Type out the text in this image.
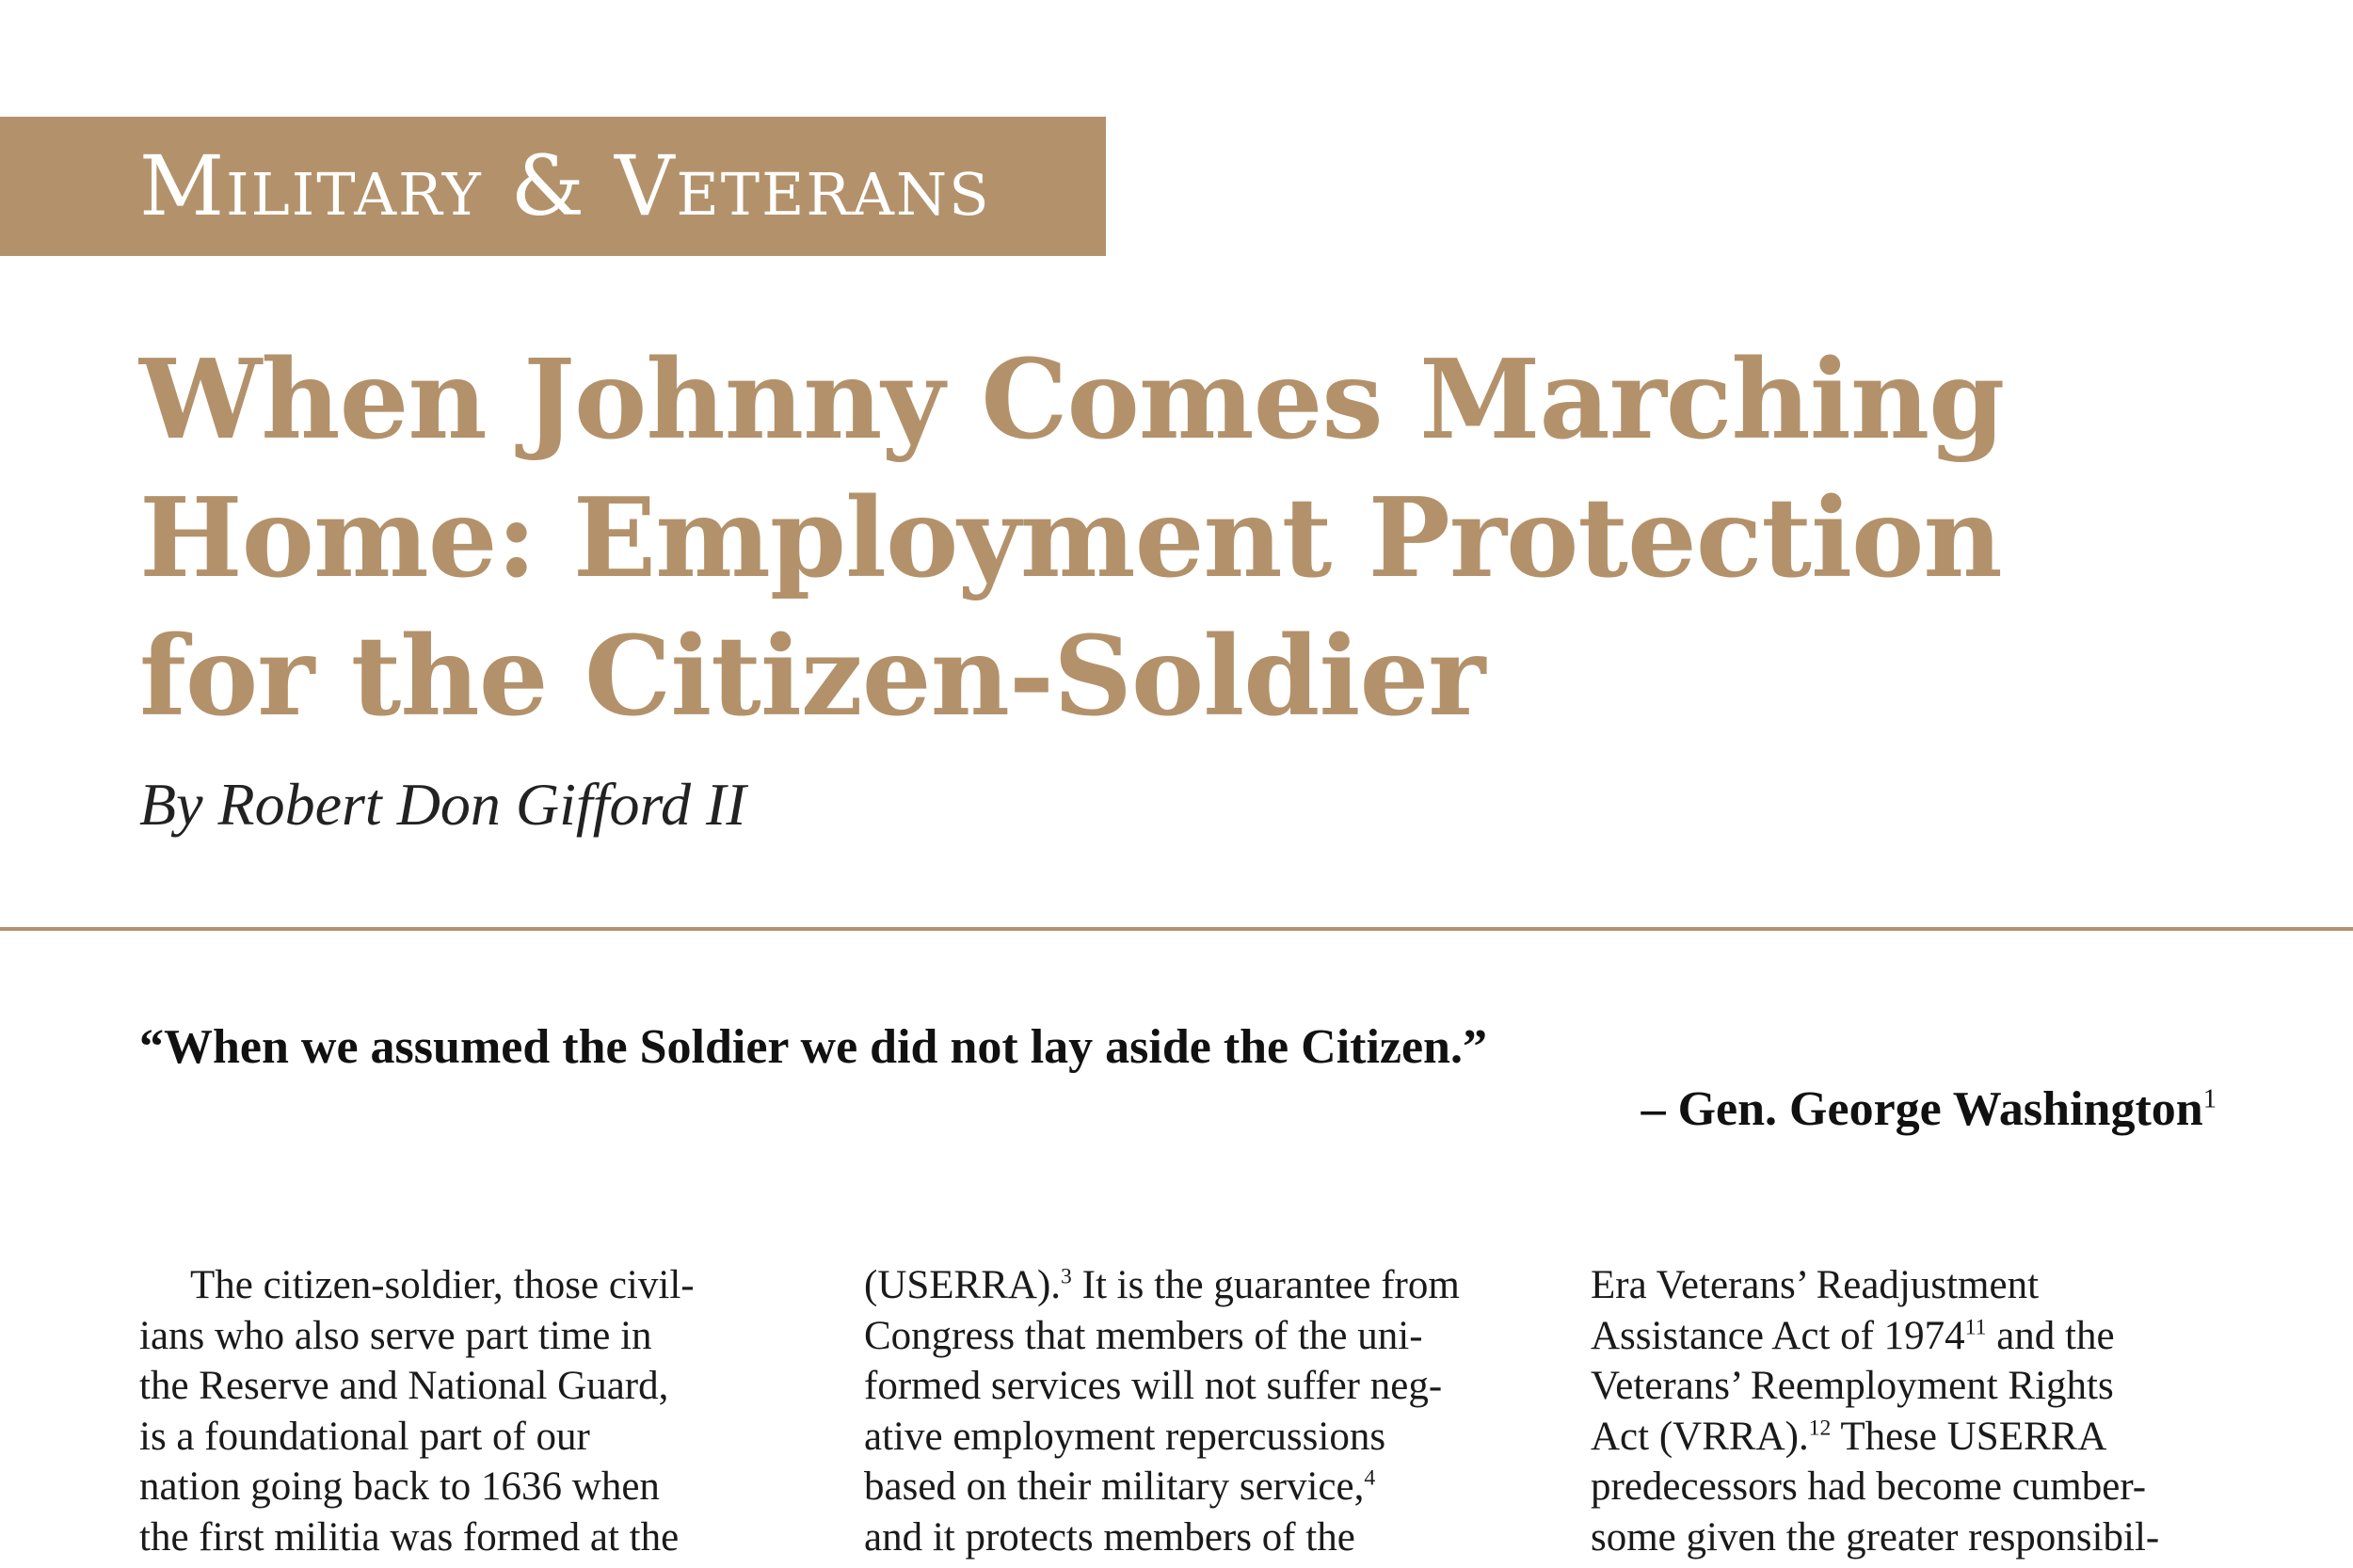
Military & Veterans
When Johnny Comes Marching
Home: Employment Protection
for the Citizen-Soldier

By Robert Don Gifford II

“When we assumed the Soldier we did not lay aside the Citizen.”

– Gen. George Washington$^1$

The citizen-soldier, those civil-
ians who also serve part time in
the Reserve and National Guard,
is a foundational part of our
nation going back to 1636 when
the first militia was formed at the
(USERRA).$^3$ It is the guarantee from
Congress that members of the uni-
formed services will not suffer neg-
ative employment repercussions
based on their military service,$^4$
and it protects members of the
Era Veterans’ Readjustment
Assistance Act of 1974$^{11}$ and the
Veterans’ Reemployment Rights
Act (VRRA).$^{12}$ These USERRA
predecessors had become cumber-
some given the greater responsibil-
